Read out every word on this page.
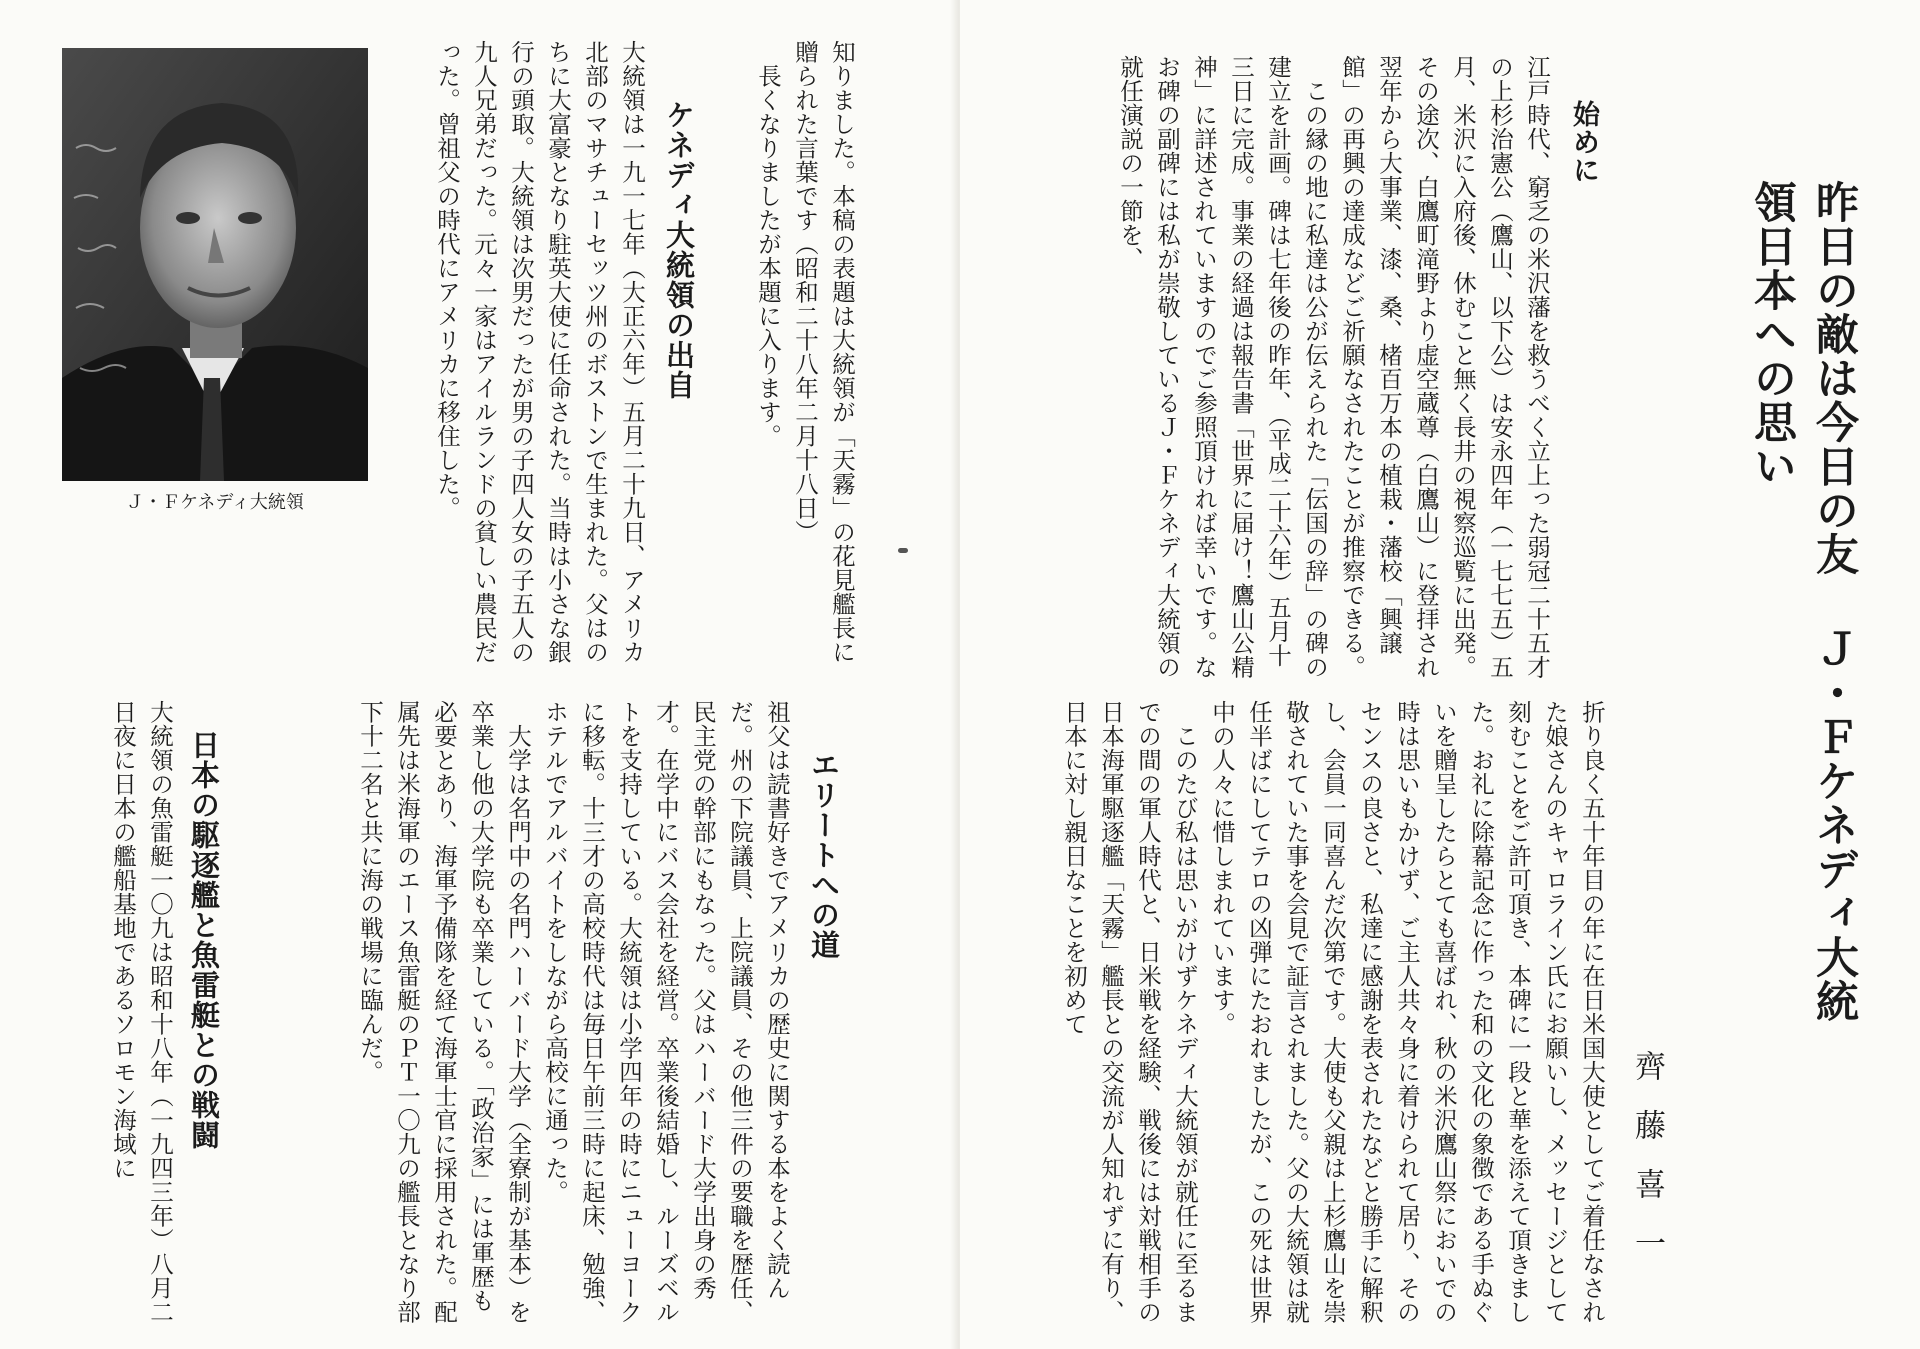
Ｊ・Ｆケネディ大統領	知りました。本稿の表題は大統領が「天霧」の花見艦長に贈られた言葉です（昭和二十八年二月十八日）
　長くなりましたが本題に入ります。
ケネディ大統領の出自
大統領は一九一七年（大正六年）五月二十九日、アメリカ北部のマサチューセッツ州のボストンで生まれた。父はのちに大富豪となり駐英大使に任命された。当時は小さな銀行の頭取。大統領は次男だったが男の子四人女の子五人の九人兄弟だった。元々一家はアイルランドの貧しい農民だった。曾祖父の時代にアメリカに移住した。
エリートへの道
祖父は読書好きでアメリカの歴史に関する本をよく読んだ。州の下院議員、上院議員、その他三件の要職を歴任、民主党の幹部にもなった。父はハーバード大学出身の秀才。在学中にバス会社を経営。卒業後結婚し、ルーズベルトを支持している。大統領は小学四年の時にニューヨークに移転。十三才の高校時代は毎日午前三時に起床、勉強、ホテルでアルバイトをしながら高校に通った。
　大学は名門中の名門ハーバード大学（全寮制が基本）を卒業し他の大学院も卒業している。「政治家」には軍歴も必要とあり、海軍予備隊を経て海軍士官に採用された。配属先は米海軍のエース魚雷艇のＰＴ一〇九の艦長となり部下十二名と共に海の戦場に臨んだ。
日本の駆逐艦と魚雷艇との戦闘
大統領の魚雷艇一〇九は昭和十八年（一九四三年）八月二日夜に日本の艦船基地であるソロモン海域に
昨日の敵は今日の友 Ｊ・Ｆケネディ大統領日本への思い
始めに
江戸時代、窮乏の米沢藩を救うべく立上った弱冠二十五才の上杉治憲公（鷹山、以下公）は安永四年（一七七五）五月、米沢に入府後、休むこと無く長井の視察巡覧に出発。その途次、白鷹町滝野より虚空蔵尊（白鷹山）に登拝され翌年から大事業、漆、桑、楮百万本の植栽・藩校「興譲館」の再興の達成などご祈願なされたことが推察できる。
　この縁の地に私達は公が伝えられた「伝国の辞」の碑の建立を計画。碑は七年後の昨年、（平成二十六年）五月十三日に完成。事業の経過は報告書「世界に届け！鷹山公精神」に詳述されていますのでご参照頂ければ幸いです。なお碑の副碑には私が崇敬しているＪ・Ｆケネディ大統領の就任演説の一節を、
折り良く五十年目の年に在日米国大使としてご着任なされた娘さんのキャロライン氏にお願いし、メッセージとして刻むことをご許可頂き、本碑に一段と華を添えて頂きました。お礼に除幕記念に作った和の文化の象徴である手ぬぐいを贈呈したらとても喜ばれ、秋の米沢鷹山祭においでの時は思いもかけず、ご主人共々身に着けられて居り、そのセンスの良さと、私達に感謝を表されたなどと勝手に解釈し、会員一同喜んだ次第です。大使も父親は上杉鷹山を崇敬されていた事を会見で証言されました。父の大統領は就任半ばにしてテロの凶弾にたおれましたが、この死は世界中の人々に惜しまれています。
　このたび私は思いがけずケネディ大統領が就任に至るまでの間の軍人時代と、日米戦を経験、戦後には対戦相手の日本海軍駆逐艦「天霧」艦長との交流が人知れずに有り、日本に対し親日なことを初めて
齊藤喜一
